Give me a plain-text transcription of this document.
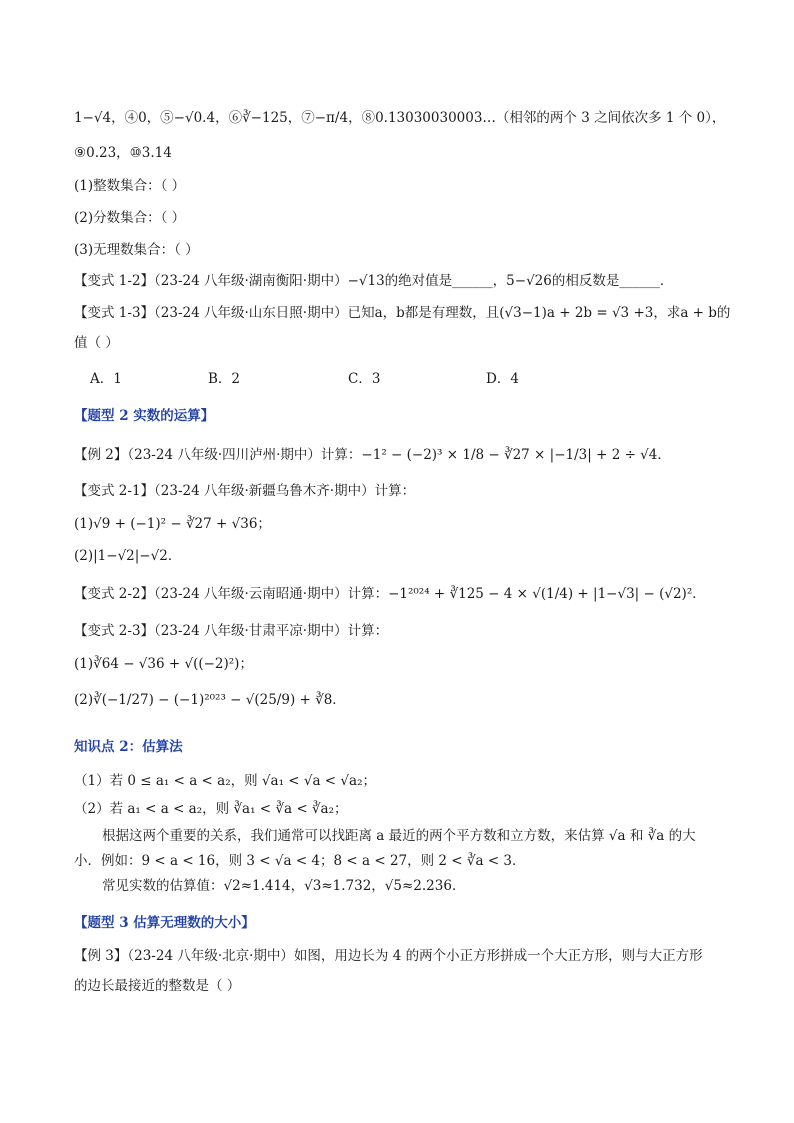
1−√4，④0，⑤−√0.4，⑥∛−125，⑦−π/4，⑧0.13030030003…（相邻的两个 3 之间依次多 1 个 0），
⑨0.23，⑩3.14
(1)整数集合：（ ）
(2)分数集合：（ ）
(3)无理数集合：（ ）
【变式 1-2】（23-24 八年级·湖南衡阳·期中）−√13的绝对值是______，5−√26的相反数是______．
【变式 1-3】（23-24 八年级·山东日照·期中）已知a，b都是有理数，且(√3−1)a + 2b = √3 +3，求a + b的
值（ ）
A．1	B．2	C．3	D．4
【题型 2 实数的运算】
【例 2】（23-24 八年级·四川泸州·期中）计算：−1² − (−2)³ × 1/8 − ∛27 × |−1/3| + 2 ÷ √4．
【变式 2-1】（23-24 八年级·新疆乌鲁木齐·期中）计算：
(1)√9 + (−1)² − ∛27 + √36；
(2)|1−√2|−√2．
【变式 2-2】（23-24 八年级·云南昭通·期中）计算：−1²⁰²⁴ + ∛125 − 4 × √(1/4) + |1−√3| − (√2)²．
【变式 2-3】（23-24 八年级·甘肃平凉·期中）计算：
(1)∛64 − √36 + √((−2)²)；
(2)∛(−1/27) − (−1)²⁰²³ − √(25/9) + ∛8．
知识点 2：估算法
（1）若 0 ≤ a₁ < a < a₂，则 √a₁ < √a < √a₂；
（2）若 a₁ < a < a₂，则 ∛a₁ < ∛a < ∛a₂；
根据这两个重要的关系，我们通常可以找距离 a 最近的两个平方数和立方数，来估算 √a 和 ∛a 的大
小．例如：9 < a < 16，则 3 < √a < 4；8 < a < 27，则 2 < ∛a < 3．
常见实数的估算值：√2≈1.414，√3≈1.732，√5≈2.236．
【题型 3 估算无理数的大小】
【例 3】（23-24 八年级·北京·期中）如图，用边长为 4 的两个小正方形拼成一个大正方形，则与大正方形
的边长最接近的整数是（ ）
